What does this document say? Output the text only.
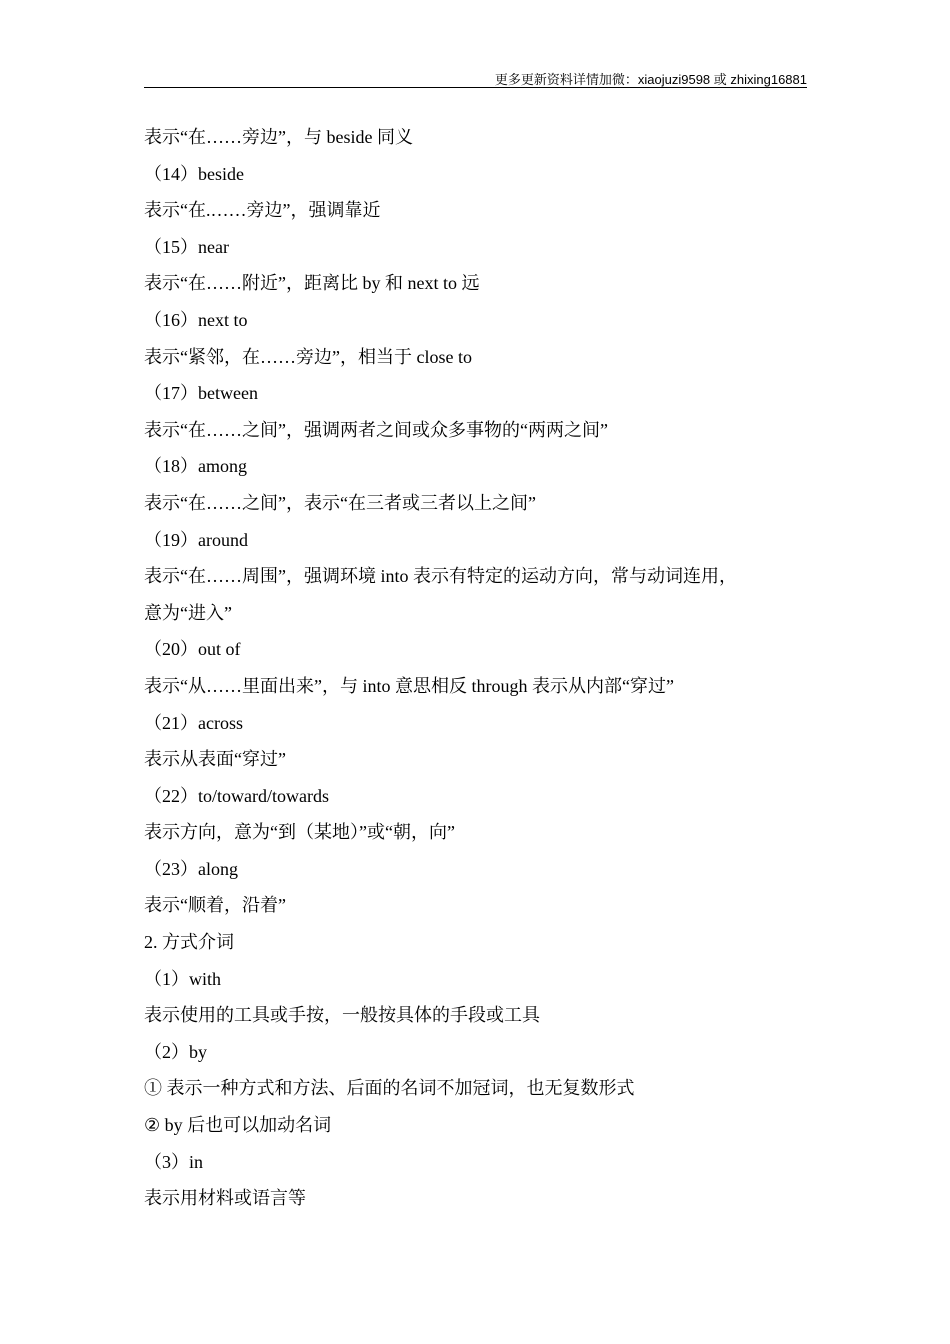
更多更新资料详情加微：xiaojuzi9598 或 zhixing16881
表示“在……旁边”，与 beside 同义
（14）beside
表示“在.……旁边”，强调靠近
（15）near
表示“在……附近”，距离比 by 和 next to 远
（16）next to
表示“紧邻，在……旁边”，相当于 close to
（17）between
表示“在……之间”，强调两者之间或众多事物的“两两之间”
（18）among
表示“在……之间”，表示“在三者或三者以上之间”
（19）around
表示“在……周围”，强调环境 into 表示有特定的运动方向，常与动词连用，
意为“进入”
（20）out of
表示“从……里面出来”，与 into 意思相反 through 表示从内部“穿过”
（21）across
表示从表面“穿过”
（22）to/toward/towards
表示方向，意为“到（某地）”或“朝，向”
（23）along
表示“顺着，沿着”
2. 方式介词
（1）with
表示使用的工具或手按，一般按具体的手段或工具
（2）by
① 表示一种方式和方法、后面的名词不加冠词，也无复数形式
② by 后也可以加动名词
（3）in
表示用材料或语言等
